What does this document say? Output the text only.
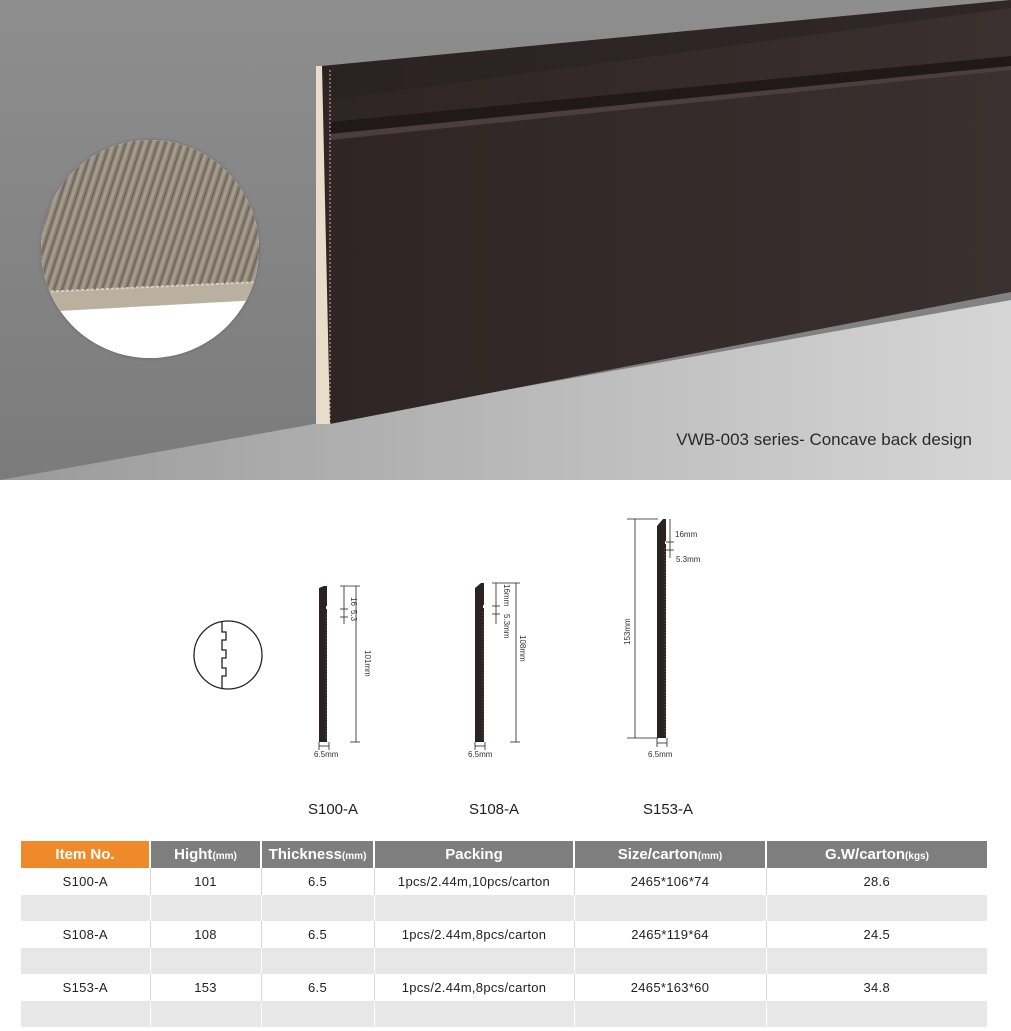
VWB-003 series- Concave back design
16
5.3
101mm
6.5mm
16mm
5.3mm
108mm
6.5mm
16mm
5.3mm
153mm
6.5mm
S100-A	S108-A	S153-A
Item No.	Hight(mm)	Thickness(mm)	Packing	Size/carton(mm)	G.W/carton(kgs)
S100-A	101	6.5	1pcs/2.44m,10pcs/carton	2465*106*74	28.6

S108-A	108	6.5	1pcs/2.44m,8pcs/carton	2465*119*64	24.5

S153-A	153	6.5	1pcs/2.44m,8pcs/carton	2465*163*60	34.8
